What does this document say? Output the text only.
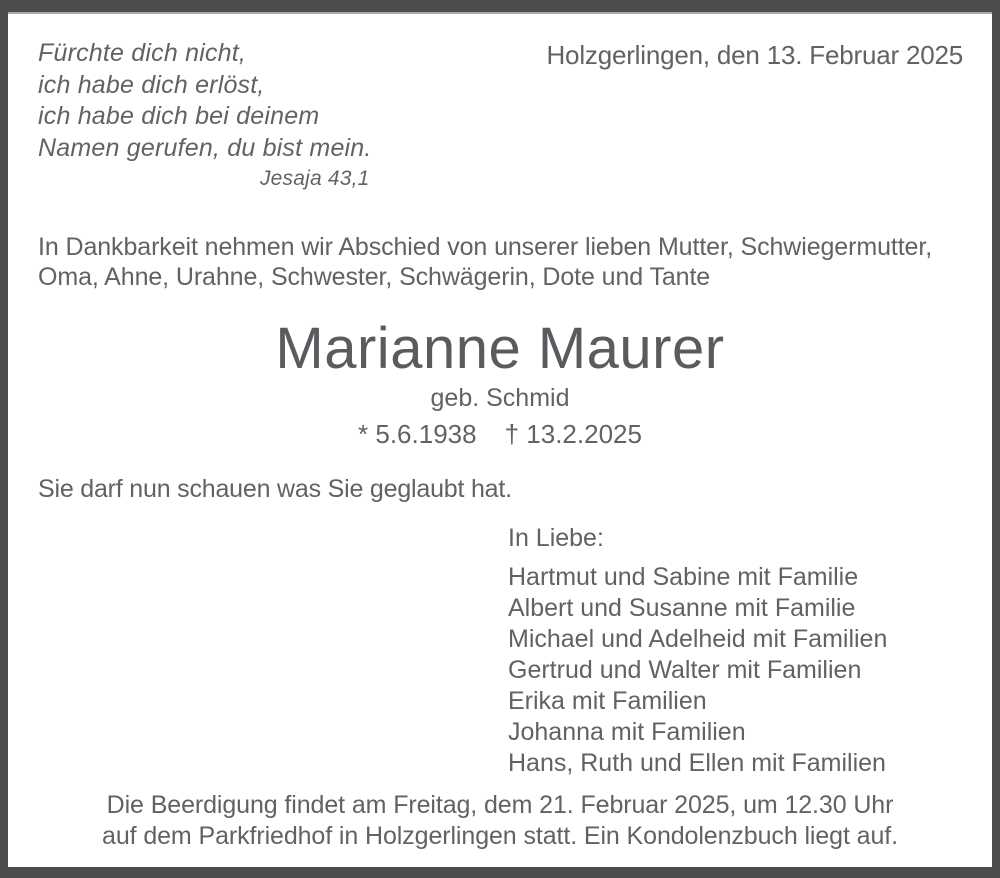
Fürchte dich nicht,
ich habe dich erlöst,
ich habe dich bei deinem
Namen gerufen, du bist mein.
Jesaja 43,1
Holzgerlingen, den 13. Februar 2025
In Dankbarkeit nehmen wir Abschied von unserer lieben Mutter, Schwiegermutter,
Oma, Ahne, Urahne, Schwester, Schwägerin, Dote und Tante
Marianne Maurer
geb. Schmid
* 5.6.1938 † 13.2.2025
Sie darf nun schauen was Sie geglaubt hat.
In Liebe:
Hartmut und Sabine mit Familie
Albert und Susanne mit Familie
Michael und Adelheid mit Familien
Gertrud und Walter mit Familien
Erika mit Familien
Johanna mit Familien
Hans, Ruth und Ellen mit Familien
Die Beerdigung findet am Freitag, dem 21. Februar 2025, um 12.30 Uhr
auf dem Parkfriedhof in Holzgerlingen statt. Ein Kondolenzbuch liegt auf.
